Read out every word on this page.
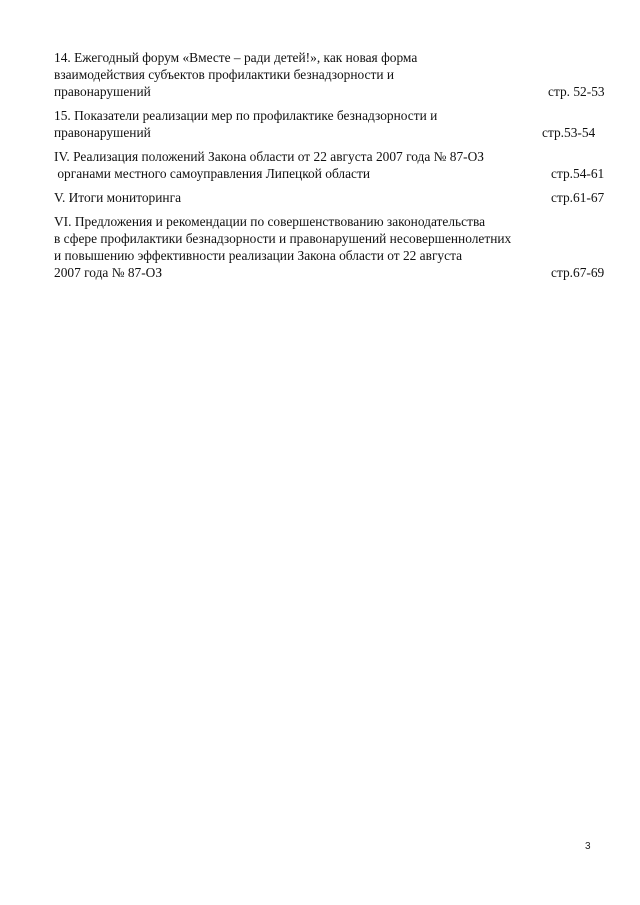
14. Ежегодный форум «Вместе – ради детей!», как новая форма
взаимодействия субъектов профилактики безнадзорности и
правонарушений	стр. 52-53
15. Показатели реализации мер по профилактике безнадзорности и
правонарушений	стр.53-54
IV. Реализация положений Закона области от 22 августа 2007 года № 87-ОЗ
органами местного самоуправления Липецкой области	стр.54-61
V. Итоги мониторинга	стр.61-67
VI. Предложения и рекомендации по совершенствованию законодательства
в сфере профилактики безнадзорности и правонарушений несовершеннолетних
и повышению эффективности реализации Закона области от 22 августа
2007 года № 87-ОЗ	стр.67-69
3
